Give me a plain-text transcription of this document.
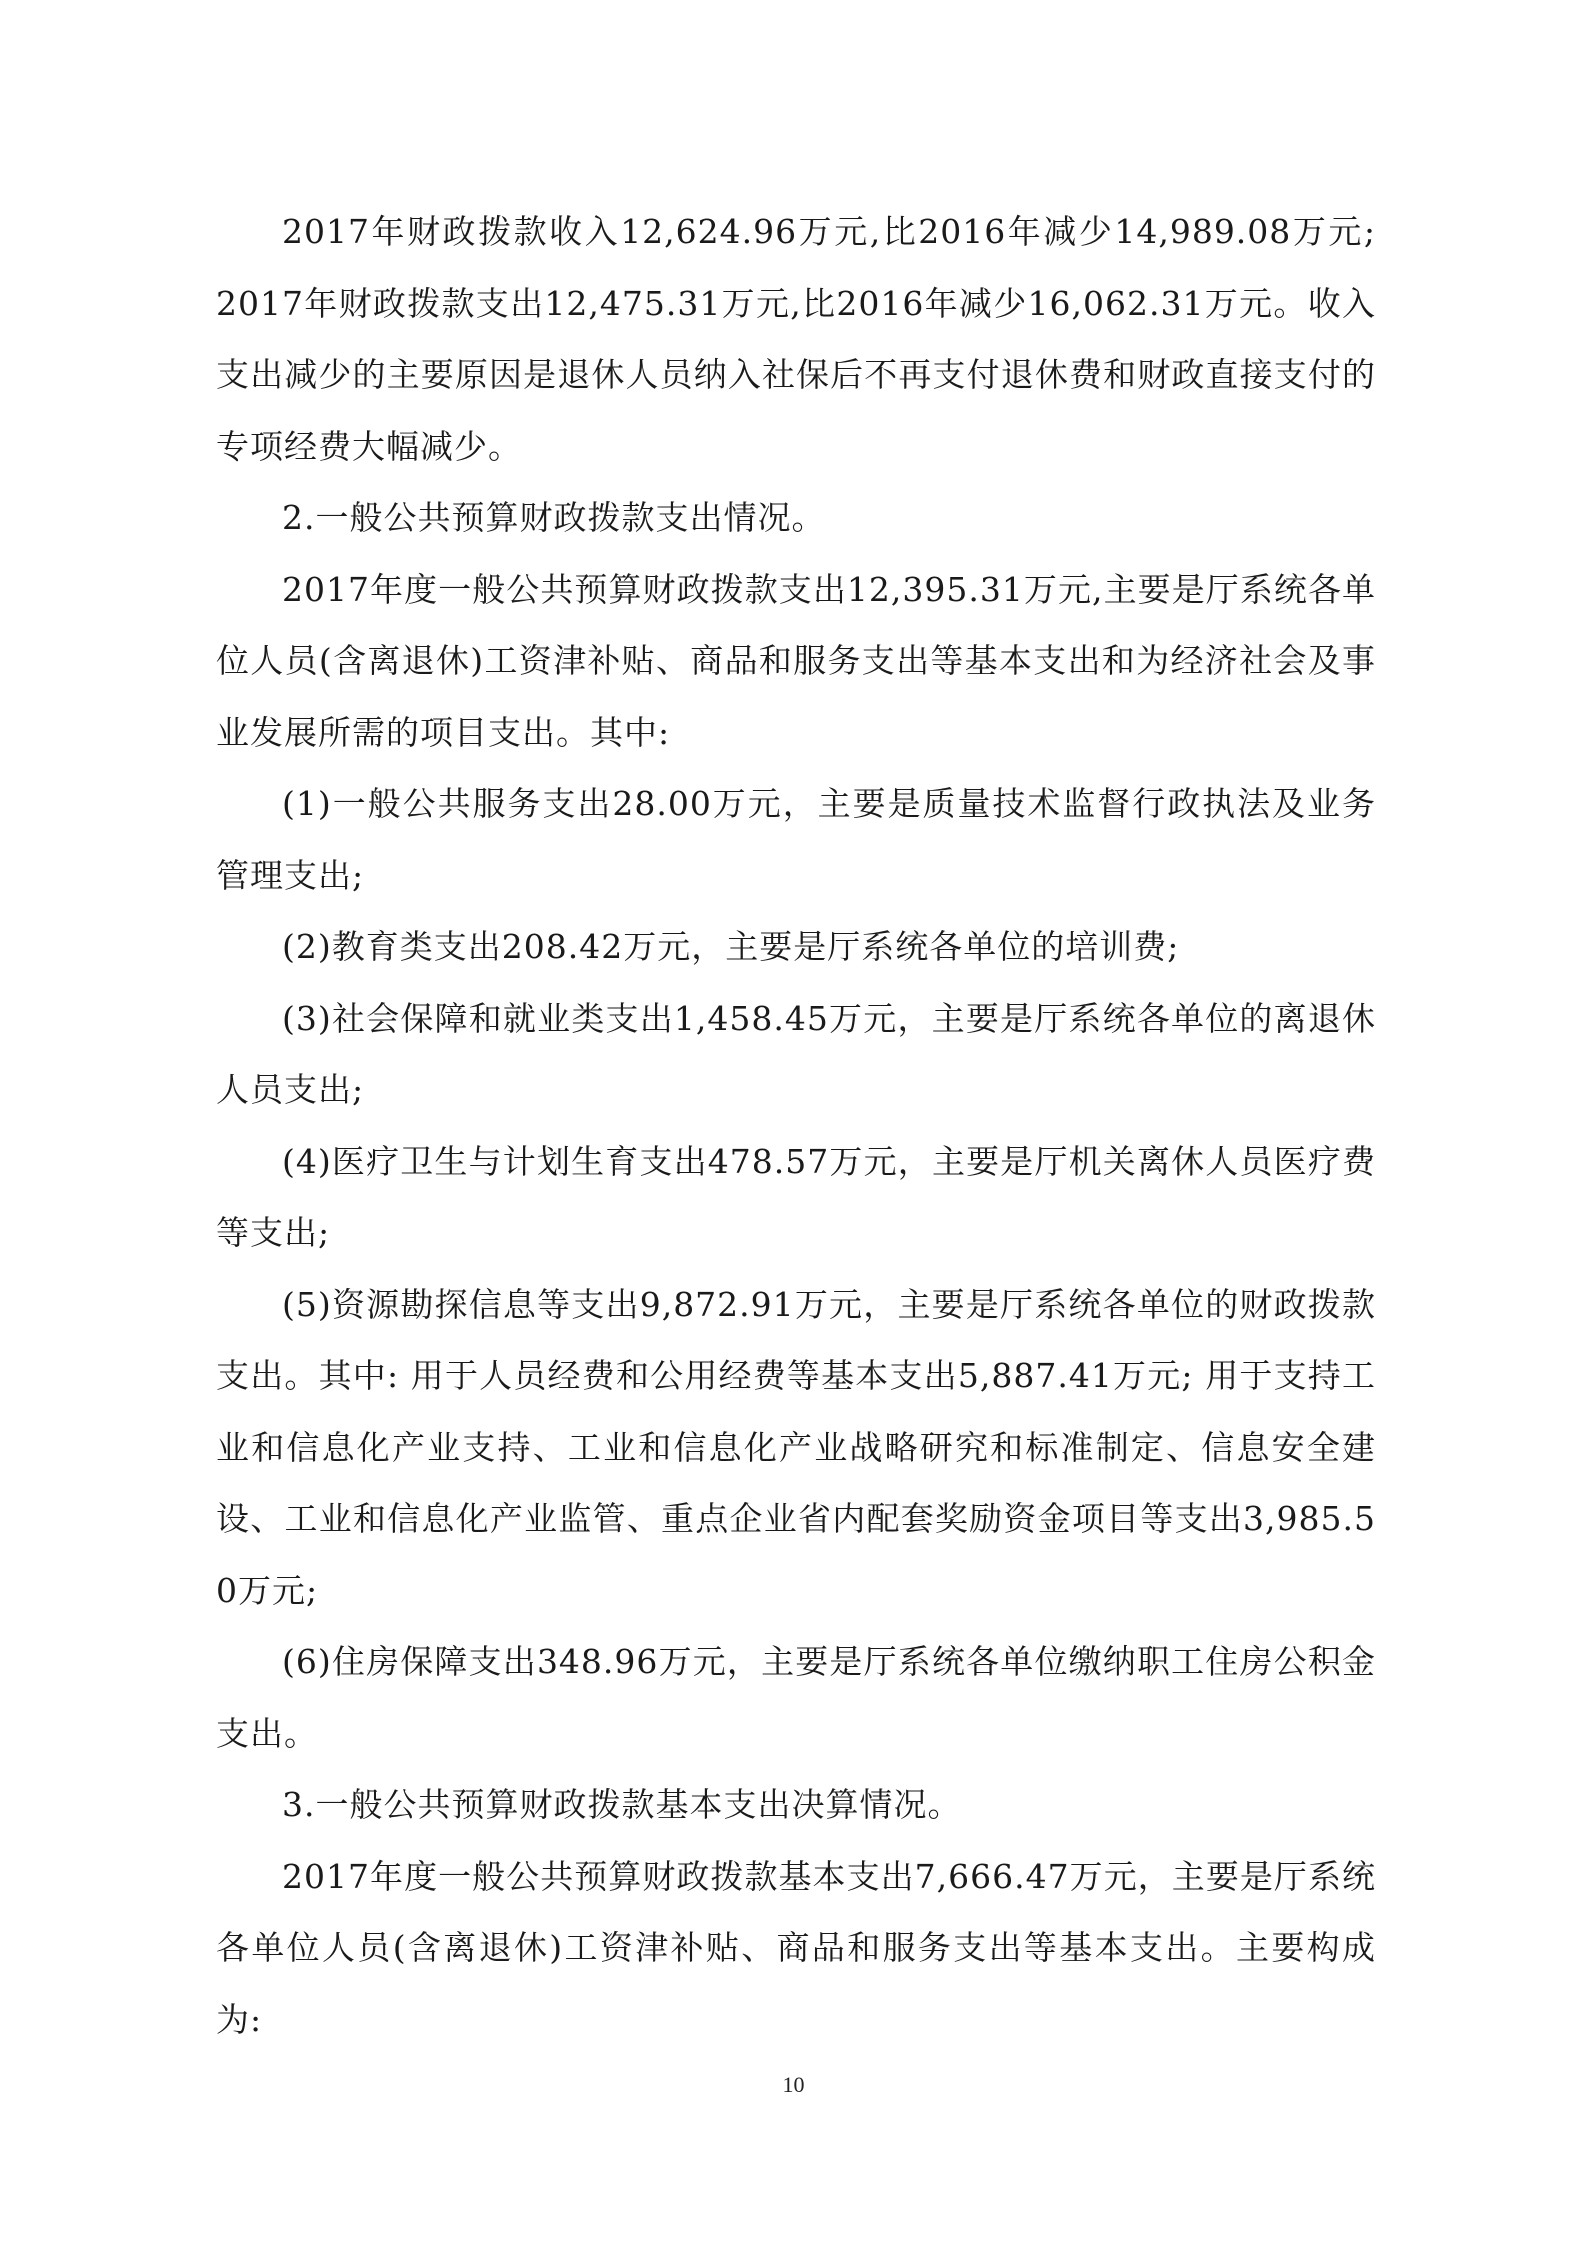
2017年财政拨款收入12,624.96万元,比2016年减少14,989.08万元; 2017年财政拨款支出12,475.31万元,比2016年减少16,062.31万元。收入支出减少的主要原因是退休人员纳入社保后不再支付退休费和财政直接支付的专项经费大幅减少。

2.一般公共预算财政拨款支出情况。

2017年度一般公共预算财政拨款支出12,395.31万元,主要是厅系统各单位人员(含离退休)工资津补贴、商品和服务支出等基本支出和为经济社会及事业发展所需的项目支出。其中:

(1)一般公共服务支出28.00万元，主要是质量技术监督行政执法及业务管理支出;

(2)教育类支出208.42万元，主要是厅系统各单位的培训费;

(3)社会保障和就业类支出1,458.45万元，主要是厅系统各单位的离退休人员支出;

(4)医疗卫生与计划生育支出478.57万元，主要是厅机关离休人员医疗费等支出;

(5)资源勘探信息等支出9,872.91万元，主要是厅系统各单位的财政拨款支出。其中: 用于人员经费和公用经费等基本支出5,887.41万元; 用于支持工业和信息化产业支持、工业和信息化产业战略研究和标准制定、信息安全建设、工业和信息化产业监管、重点企业省内配套奖励资金项目等支出3,985.50万元;

(6)住房保障支出348.96万元，主要是厅系统各单位缴纳职工住房公积金支出。

3.一般公共预算财政拨款基本支出决算情况。

2017年度一般公共预算财政拨款基本支出7,666.47万元，主要是厅系统各单位人员(含离退休)工资津补贴、商品和服务支出等基本支出。主要构成为:

10
